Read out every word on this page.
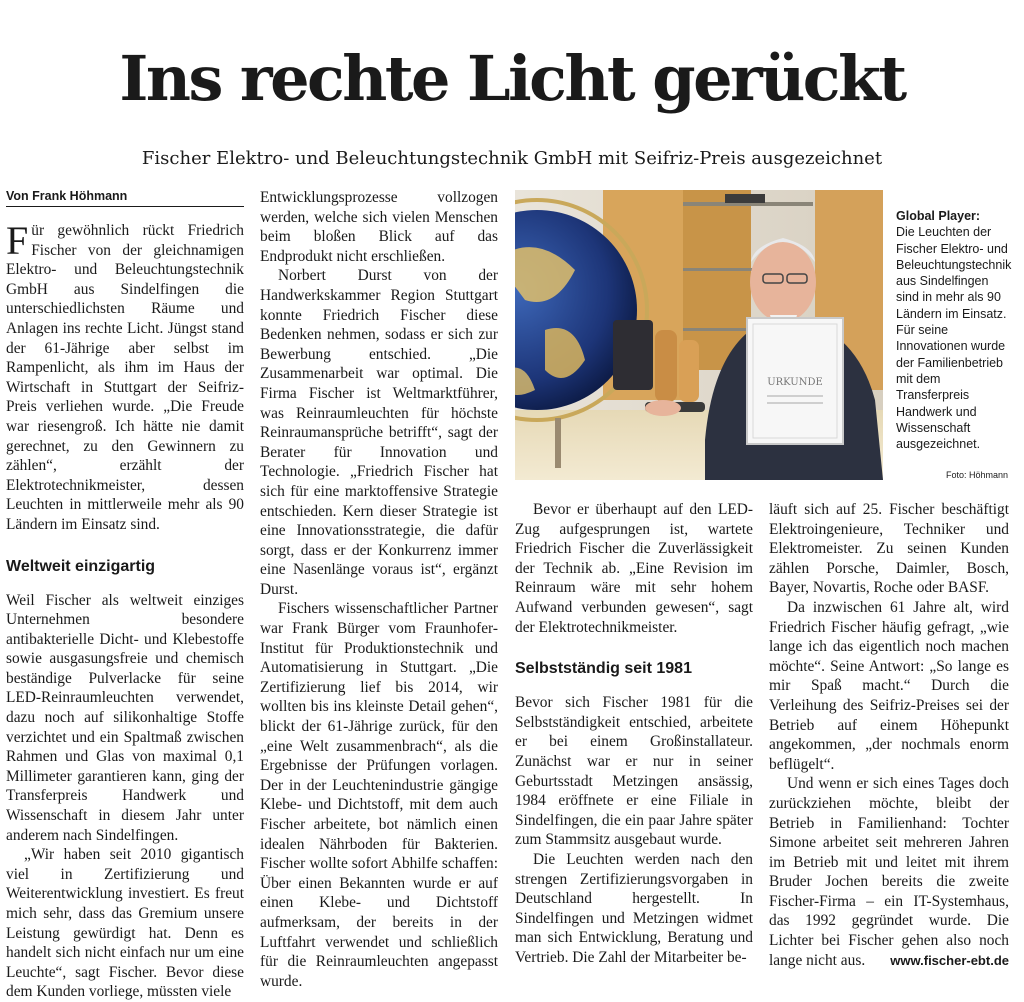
Ins rechte Licht gerückt
Fischer Elektro- und Beleuchtungstechnik GmbH mit Seifriz-Preis ausgezeichnet
Von Frank Höhmann

Für gewöhnlich rückt Friedrich Fischer von der gleichnamigen Elektro- und Beleuchtungstechnik GmbH aus Sindelfingen die unterschiedlichsten Räume und Anlagen ins rechte Licht. Jüngst stand der 61-Jährige aber selbst im Rampenlicht, als ihm im Haus der Wirtschaft in Stuttgart der Seifriz-Preis verliehen wurde. „Die Freude war riesengroß. Ich hätte nie damit gerechnet, zu den Gewinnern zu zählen“, erzählt der Elektrotechnikmeister, dessen Leuchten in mittlerweile mehr als 90 Ländern im Einsatz sind.

Weltweit einzigartig

Weil Fischer als weltweit einziges Unternehmen besondere antibakterielle Dicht- und Klebestoffe sowie ausgasungsfreie und chemisch beständige Pulverlacke für seine LED-Reinraumleuchten verwendet, dazu noch auf silikonhaltige Stoffe verzichtet und ein Spaltmaß zwischen Rahmen und Glas von maximal 0,1 Millimeter garantieren kann, ging der Transferpreis Handwerk und Wissenschaft in diesem Jahr unter anderem nach Sindelfingen.

„Wir haben seit 2010 gigantisch viel in Zertifizierung und Weiterentwicklung investiert. Es freut mich sehr, dass das Gremium unsere Leistung gewürdigt hat. Denn es handelt sich nicht einfach nur um eine Leuchte“, sagt Fischer. Bevor diese dem Kunden vorliege, müssten viele

Entwicklungsprozesse vollzogen werden, welche sich vielen Menschen beim bloßen Blick auf das Endprodukt nicht erschließen.

Norbert Durst von der Handwerkskammer Region Stuttgart konnte Friedrich Fischer diese Bedenken nehmen, sodass er sich zur Bewerbung entschied. „Die Zusammenarbeit war optimal. Die Firma Fischer ist Weltmarktführer, was Reinraumleuchten für höchste Reinraumansprüche betrifft“, sagt der Berater für Innovation und Technologie. „Friedrich Fischer hat sich für eine marktoffensive Strategie entschieden. Kern dieser Strategie ist eine Innovationsstrategie, die dafür sorgt, dass er der Konkurrenz immer eine Nasenlänge voraus ist“, ergänzt Durst.

Fischers wissenschaftlicher Partner war Frank Bürger vom Fraunhofer-Institut für Produktionstechnik und Automatisierung in Stuttgart. „Die Zertifizierung lief bis 2014, wir wollten bis ins kleinste Detail gehen“, blickt der 61-Jährige zurück, für den „eine Welt zusammenbrach“, als die Ergebnisse der Prüfungen vorlagen. Der in der Leuchtenindustrie gängige Klebe- und Dichtstoff, mit dem auch Fischer arbeitete, bot nämlich einen idealen Nährboden für Bakterien. Fischer wollte sofort Abhilfe schaffen: Über einen Bekannten wurde er auf einen Klebe- und Dichtstoff aufmerksam, der bereits in der Luftfahrt verwendet und schließlich für die Reinraumleuchten angepasst wurde.

URKUNDE
Global Player:
Die Leuchten der Fischer Elektro- und Beleuchtungstechnik aus Sindelfingen sind in mehr als 90 Ländern im Einsatz. Für seine Innovationen wurde der Familienbetrieb mit dem Transferpreis Handwerk und Wissenschaft ausgezeichnet.
Foto: Höhmann

Bevor er überhaupt auf den LED-Zug aufgesprungen ist, wartete Friedrich Fischer die Zuverlässigkeit der Technik ab. „Eine Revision im Reinraum wäre mit sehr hohem Aufwand verbunden gewesen“, sagt der Elektrotechnikmeister.

Selbstständig seit 1981

Bevor sich Fischer 1981 für die Selbstständigkeit entschied, arbeitete er bei einem Großinstallateur. Zunächst war er nur in seiner Geburtsstadt Metzingen ansässig, 1984 eröffnete er eine Filiale in Sindelfingen, die ein paar Jahre später zum Stammsitz ausgebaut wurde.

Die Leuchten werden nach den strengen Zertifizierungsvorgaben in Deutschland hergestellt. In Sindelfingen und Metzingen widmet man sich Entwicklung, Beratung und Vertrieb. Die Zahl der Mitarbeiter be-

läuft sich auf 25. Fischer beschäftigt Elektroingenieure, Techniker und Elektromeister. Zu seinen Kunden zählen Porsche, Daimler, Bosch, Bayer, Novartis, Roche oder BASF.

Da inzwischen 61 Jahre alt, wird Friedrich Fischer häufig gefragt, „wie lange ich das eigentlich noch machen möchte“. Seine Antwort: „So lange es mir Spaß macht.“ Durch die Verleihung des Seifriz-Preises sei der Betrieb auf einem Höhepunkt angekommen, „der nochmals enorm beflügelt“.

Und wenn er sich eines Tages doch zurückziehen möchte, bleibt der Betrieb in Familienhand: Tochter Simone arbeitet seit mehreren Jahren im Betrieb mit und leitet mit ihrem Bruder Jochen bereits die zweite Fischer-Firma – ein IT-Systemhaus, das 1992 gegründet wurde. Die Lichter bei Fischer gehen also noch lange nicht aus.	www.fischer-ebt.de
